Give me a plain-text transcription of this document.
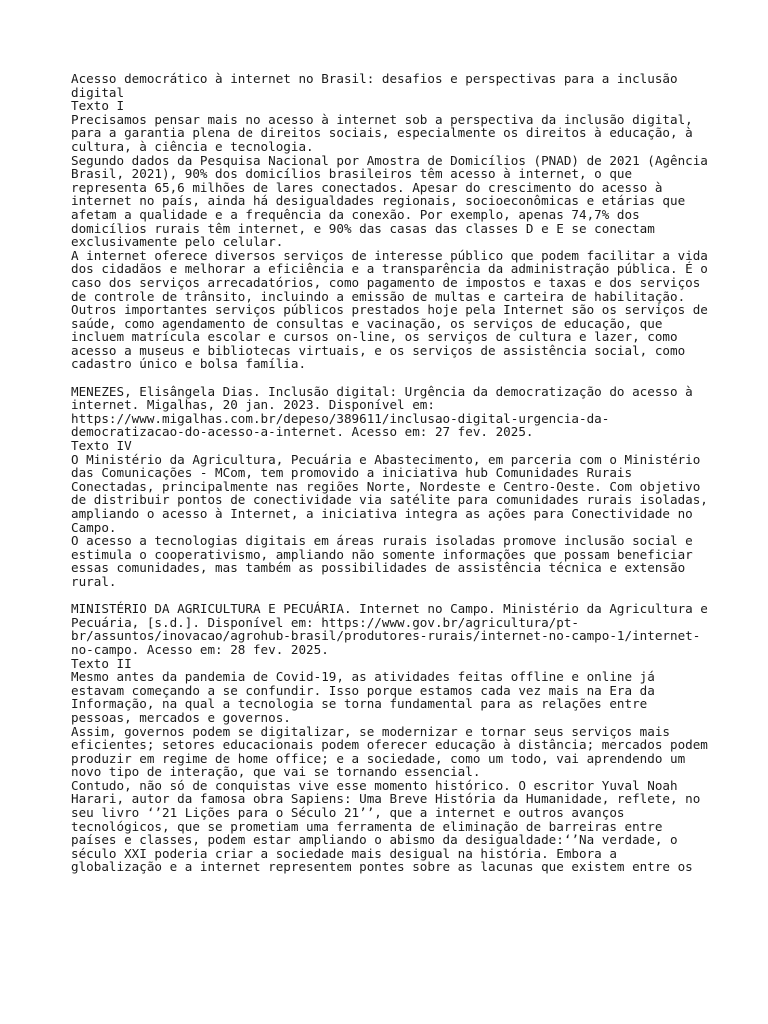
Acesso democrático à internet no Brasil: desafios e perspectivas para a inclusão digital

Texto I

Precisamos pensar mais no acesso à internet sob a perspectiva da inclusão digital, para a garantia plena de direitos sociais, especialmente os direitos à educação, à cultura, à ciência e tecnologia.

Segundo dados da Pesquisa Nacional por Amostra de Domicílios (PNAD) de 2021 (Agência Brasil, 2021), 90% dos domicílios brasileiros têm acesso à internet, o que representa 65,6 milhões de lares conectados. Apesar do crescimento do acesso à internet no país, ainda há desigualdades regionais, socioeconômicas e etárias que afetam a qualidade e a frequência da conexão. Por exemplo, apenas 74,7% dos domicílios rurais têm internet, e 90% das casas das classes D e E se conectam exclusivamente pelo celular.

A internet oferece diversos serviços de interesse público que podem facilitar a vida dos cidadãos e melhorar a eficiência e a transparência da administração pública. É o caso dos serviços arrecadatórios, como pagamento de impostos e taxas e dos serviços de controle de trânsito, incluindo a emissão de multas e carteira de habilitação. Outros importantes serviços públicos prestados hoje pela Internet são os serviços de saúde, como agendamento de consultas e vacinação, os serviços de educação, que incluem matrícula escolar e cursos on-line, os serviços de cultura e lazer, como acesso a museus e bibliotecas virtuais, e os serviços de assistência social, como cadastro único e bolsa família.

MENEZES, Elisângela Dias. Inclusão digital: Urgência da democratização do acesso à internet. Migalhas, 20 jan. 2023. Disponível em: https://www.migalhas.com.br/depeso/389611/inclusao-digital-urgencia-da-democratizacao-do-acesso-a-internet. Acesso em: 27 fev. 2025.

Texto IV

O Ministério da Agricultura, Pecuária e Abastecimento, em parceria com o Ministério das Comunicações - MCom, tem promovido a iniciativa hub Comunidades Rurais Conectadas, principalmente nas regiões Norte, Nordeste e Centro-Oeste. Com objetivo de distribuir pontos de conectividade via satélite para comunidades rurais isoladas, ampliando o acesso à Internet, a iniciativa integra as ações para Conectividade no Campo.

O acesso a tecnologias digitais em áreas rurais isoladas promove inclusão social e estimula o cooperativismo, ampliando não somente informações que possam beneficiar essas comunidades, mas também as possibilidades de assistência técnica e extensão rural.

MINISTÉRIO DA AGRICULTURA E PECUÁRIA. Internet no Campo. Ministério da Agricultura e Pecuária, [s.d.]. Disponível em: https://www.gov.br/agricultura/pt-br/assuntos/inovacao/agrohub-brasil/produtores-rurais/internet-no-campo-1/internet-no-campo. Acesso em: 28 fev. 2025.

Texto II

Mesmo antes da pandemia de Covid-19, as atividades feitas offline e online já estavam começando a se confundir. Isso porque estamos cada vez mais na Era da Informação, na qual a tecnologia se torna fundamental para as relações entre pessoas, mercados e governos.

Assim, governos podem se digitalizar, se modernizar e tornar seus serviços mais eficientes; setores educacionais podem oferecer educação à distância; mercados podem produzir em regime de home office; e a sociedade, como um todo, vai aprendendo um novo tipo de interação, que vai se tornando essencial.

Contudo, não só de conquistas vive esse momento histórico. O escritor Yuval Noah Harari, autor da famosa obra Sapiens: Uma Breve História da Humanidade, reflete, no seu livro ‘’21 Lições para o Século 21’’, que a internet e outros avanços tecnológicos, que se prometiam uma ferramenta de eliminação de barreiras entre países e classes, podem estar ampliando o abismo da desigualdade:‘’Na verdade, o século XXI poderia criar a sociedade mais desigual na história. Embora a globalização e a internet representem pontes sobre as lacunas que existem entre os
